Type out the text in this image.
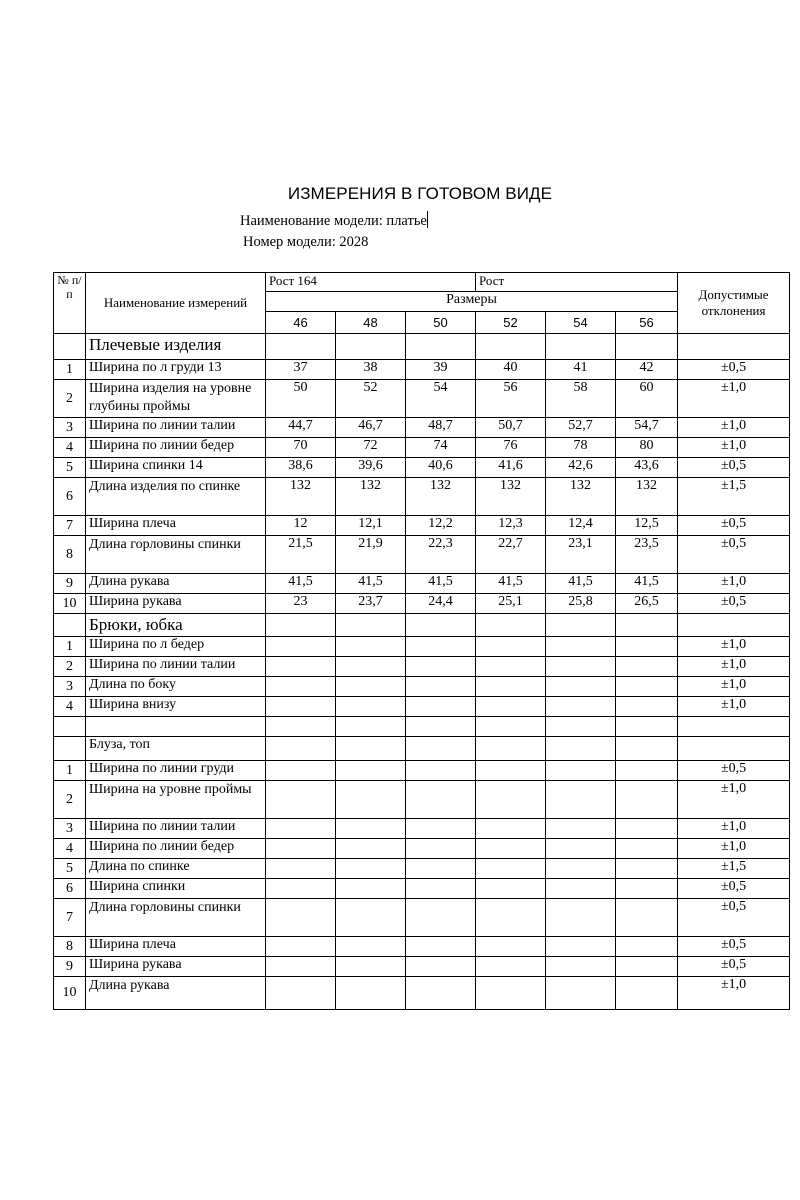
ИЗМЕРЕНИЯ В ГОТОВОМ ВИДЕ
Наименование модели: платье
Номер модели: 2028
№ п/п	Наименование измерений	Рост 164			Рост			Допустимые отклонения
		Размеры						
		46	48	50	52	54	56	
	Плечевые изделия							
1	Ширина по л груди 13	37	38	39	40	41	42	±0,5
2	Ширина изделия на уровне глубины проймы	50	52	54	56	58	60	±1,0
3	Ширина по линии талии	44,7	46,7	48,7	50,7	52,7	54,7	±1,0
4	Ширина по линии бедер	70	72	74	76	78	80	±1,0
5	Ширина спинки 14	38,6	39,6	40,6	41,6	42,6	43,6	±0,5
6	Длина изделия по спинке	132	132	132	132	132	132	±1,5
7	Ширина плеча	12	12,1	12,2	12,3	12,4	12,5	±0,5
8	Длина горловины спинки	21,5	21,9	22,3	22,7	23,1	23,5	±0,5
9	Длина рукава	41,5	41,5	41,5	41,5	41,5	41,5	±1,0
10	Ширина рукава	23	23,7	24,4	25,1	25,8	26,5	±0,5
	Брюки, юбка							
1	Ширина по л бедер							±1,0
2	Ширина по линии талии							±1,0
3	Длина по боку							±1,0
4	Ширина внизу							±1,0

	Блуза, топ							
1	Ширина по линии груди							±0,5
2	Ширина на уровне проймы							±1,0
3	Ширина по линии талии							±1,0
4	Ширина по линии бедер							±1,0
5	Длина по спинке							±1,5
6	Ширина спинки							±0,5
7	Длина горловины спинки							±0,5
8	Ширина плеча							±0,5
9	Ширина рукава							±0,5
10	Длина рукава							±1,0
